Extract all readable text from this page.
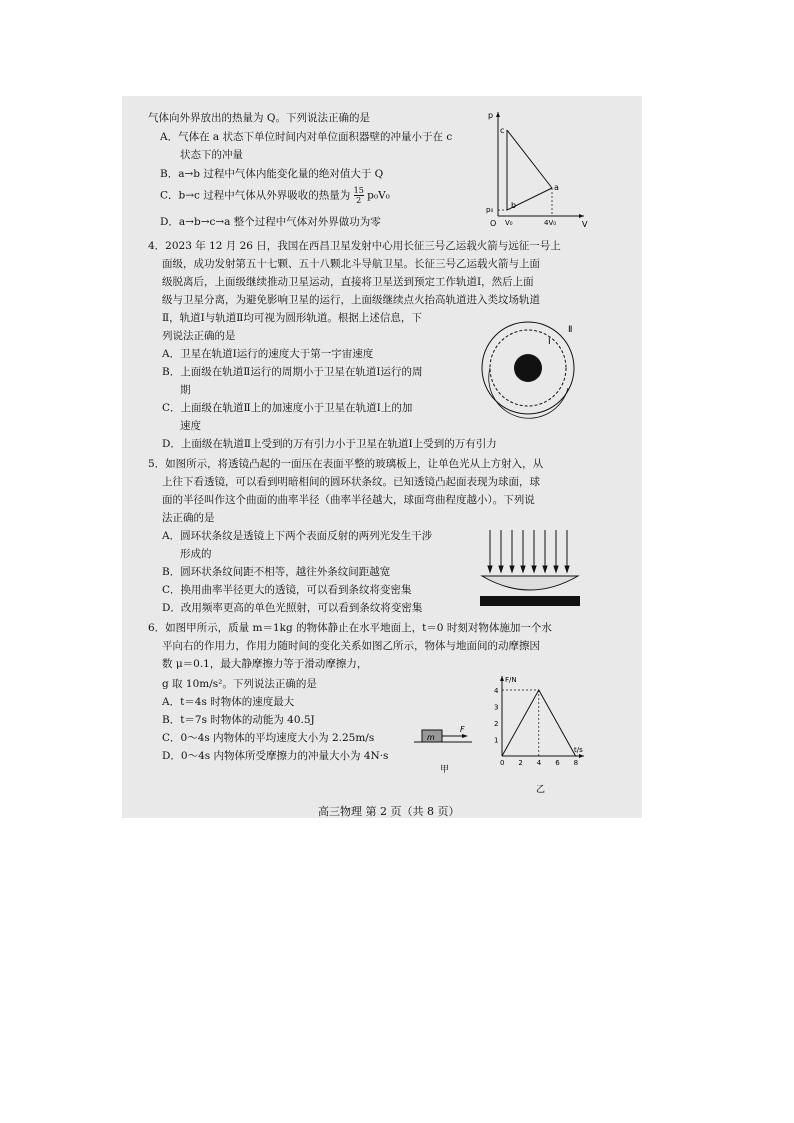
气体向外界放出的热量为 Q。下列说法正确的是
A．气体在 a 状态下单位时间内对单位面积器壁的冲量小于在 c
状态下的冲量
B．a→b 过程中气体内能变化量的绝对值大于 Q
C．b→c 过程中气体从外界吸收的热量为 $\frac{15}{2} p_0V_0$
D．a→b→c→a 整个过程中气体对外界做功为零
p
V
O
c
b
a
p₀
V₀	4V₀
4．2023 年 12 月 26 日，我国在西昌卫星发射中心用长征三号乙运载火箭与远征一号上
面级，成功发射第五十七颗、五十八颗北斗导航卫星。长征三号乙运载火箭与上面
级脱离后，上面级继续推动卫星运动，直接将卫星送到预定工作轨道Ⅰ，然后上面
级与卫星分离，为避免影响卫星的运行，上面级继续点火抬高轨道进入类坟场轨道
Ⅱ，轨道Ⅰ与轨道Ⅱ均可视为圆形轨道。根据上述信息，下
列说法正确的是
A．卫星在轨道Ⅰ运行的速度大于第一宇宙速度
B．上面级在轨道Ⅱ运行的周期小于卫星在轨道Ⅰ运行的周
期
C．上面级在轨道Ⅱ上的加速度小于卫星在轨道Ⅰ上的加
速度
D．上面级在轨道Ⅱ上受到的万有引力小于卫星在轨道Ⅰ上受到的万有引力
Ⅰ
Ⅱ
5．如图所示，将透镜凸起的一面压在表面平整的玻璃板上，让单色光从上方射入，从
上往下看透镜，可以看到明暗相间的圆环状条纹。已知透镜凸起面表现为球面，球
面的半径叫作这个曲面的曲率半径（曲率半径越大，球面弯曲程度越小）。下列说
法正确的是
A．圆环状条纹是透镜上下两个表面反射的两列光发生干涉
形成的
B．圆环状条纹间距不相等，越往外条纹间距越宽
C．换用曲率半径更大的透镜，可以看到条纹将变密集
D．改用频率更高的单色光照射，可以看到条纹将变密集
6．如图甲所示，质量 m＝1kg 的物体静止在水平地面上，t＝0 时刻对物体施加一个水
平向右的作用力，作用力随时间的变化关系如图乙所示，物体与地面间的动摩擦因
数 μ＝0.1，最大静摩擦力等于滑动摩擦力，
g 取 10m/s²。下列说法正确的是
A．t＝4s 时物体的速度最大
B．t＝7s 时物体的动能为 40.5J
C．0～4s 内物体的平均速度大小为 2.25m/s
D．0～4s 内物体所受摩擦力的冲量大小为 4N·s
m
F
甲
0 2 4 6 8
1
2
3
4
F/N
t/s
乙
高三物理 第 2 页（共 8 页）
